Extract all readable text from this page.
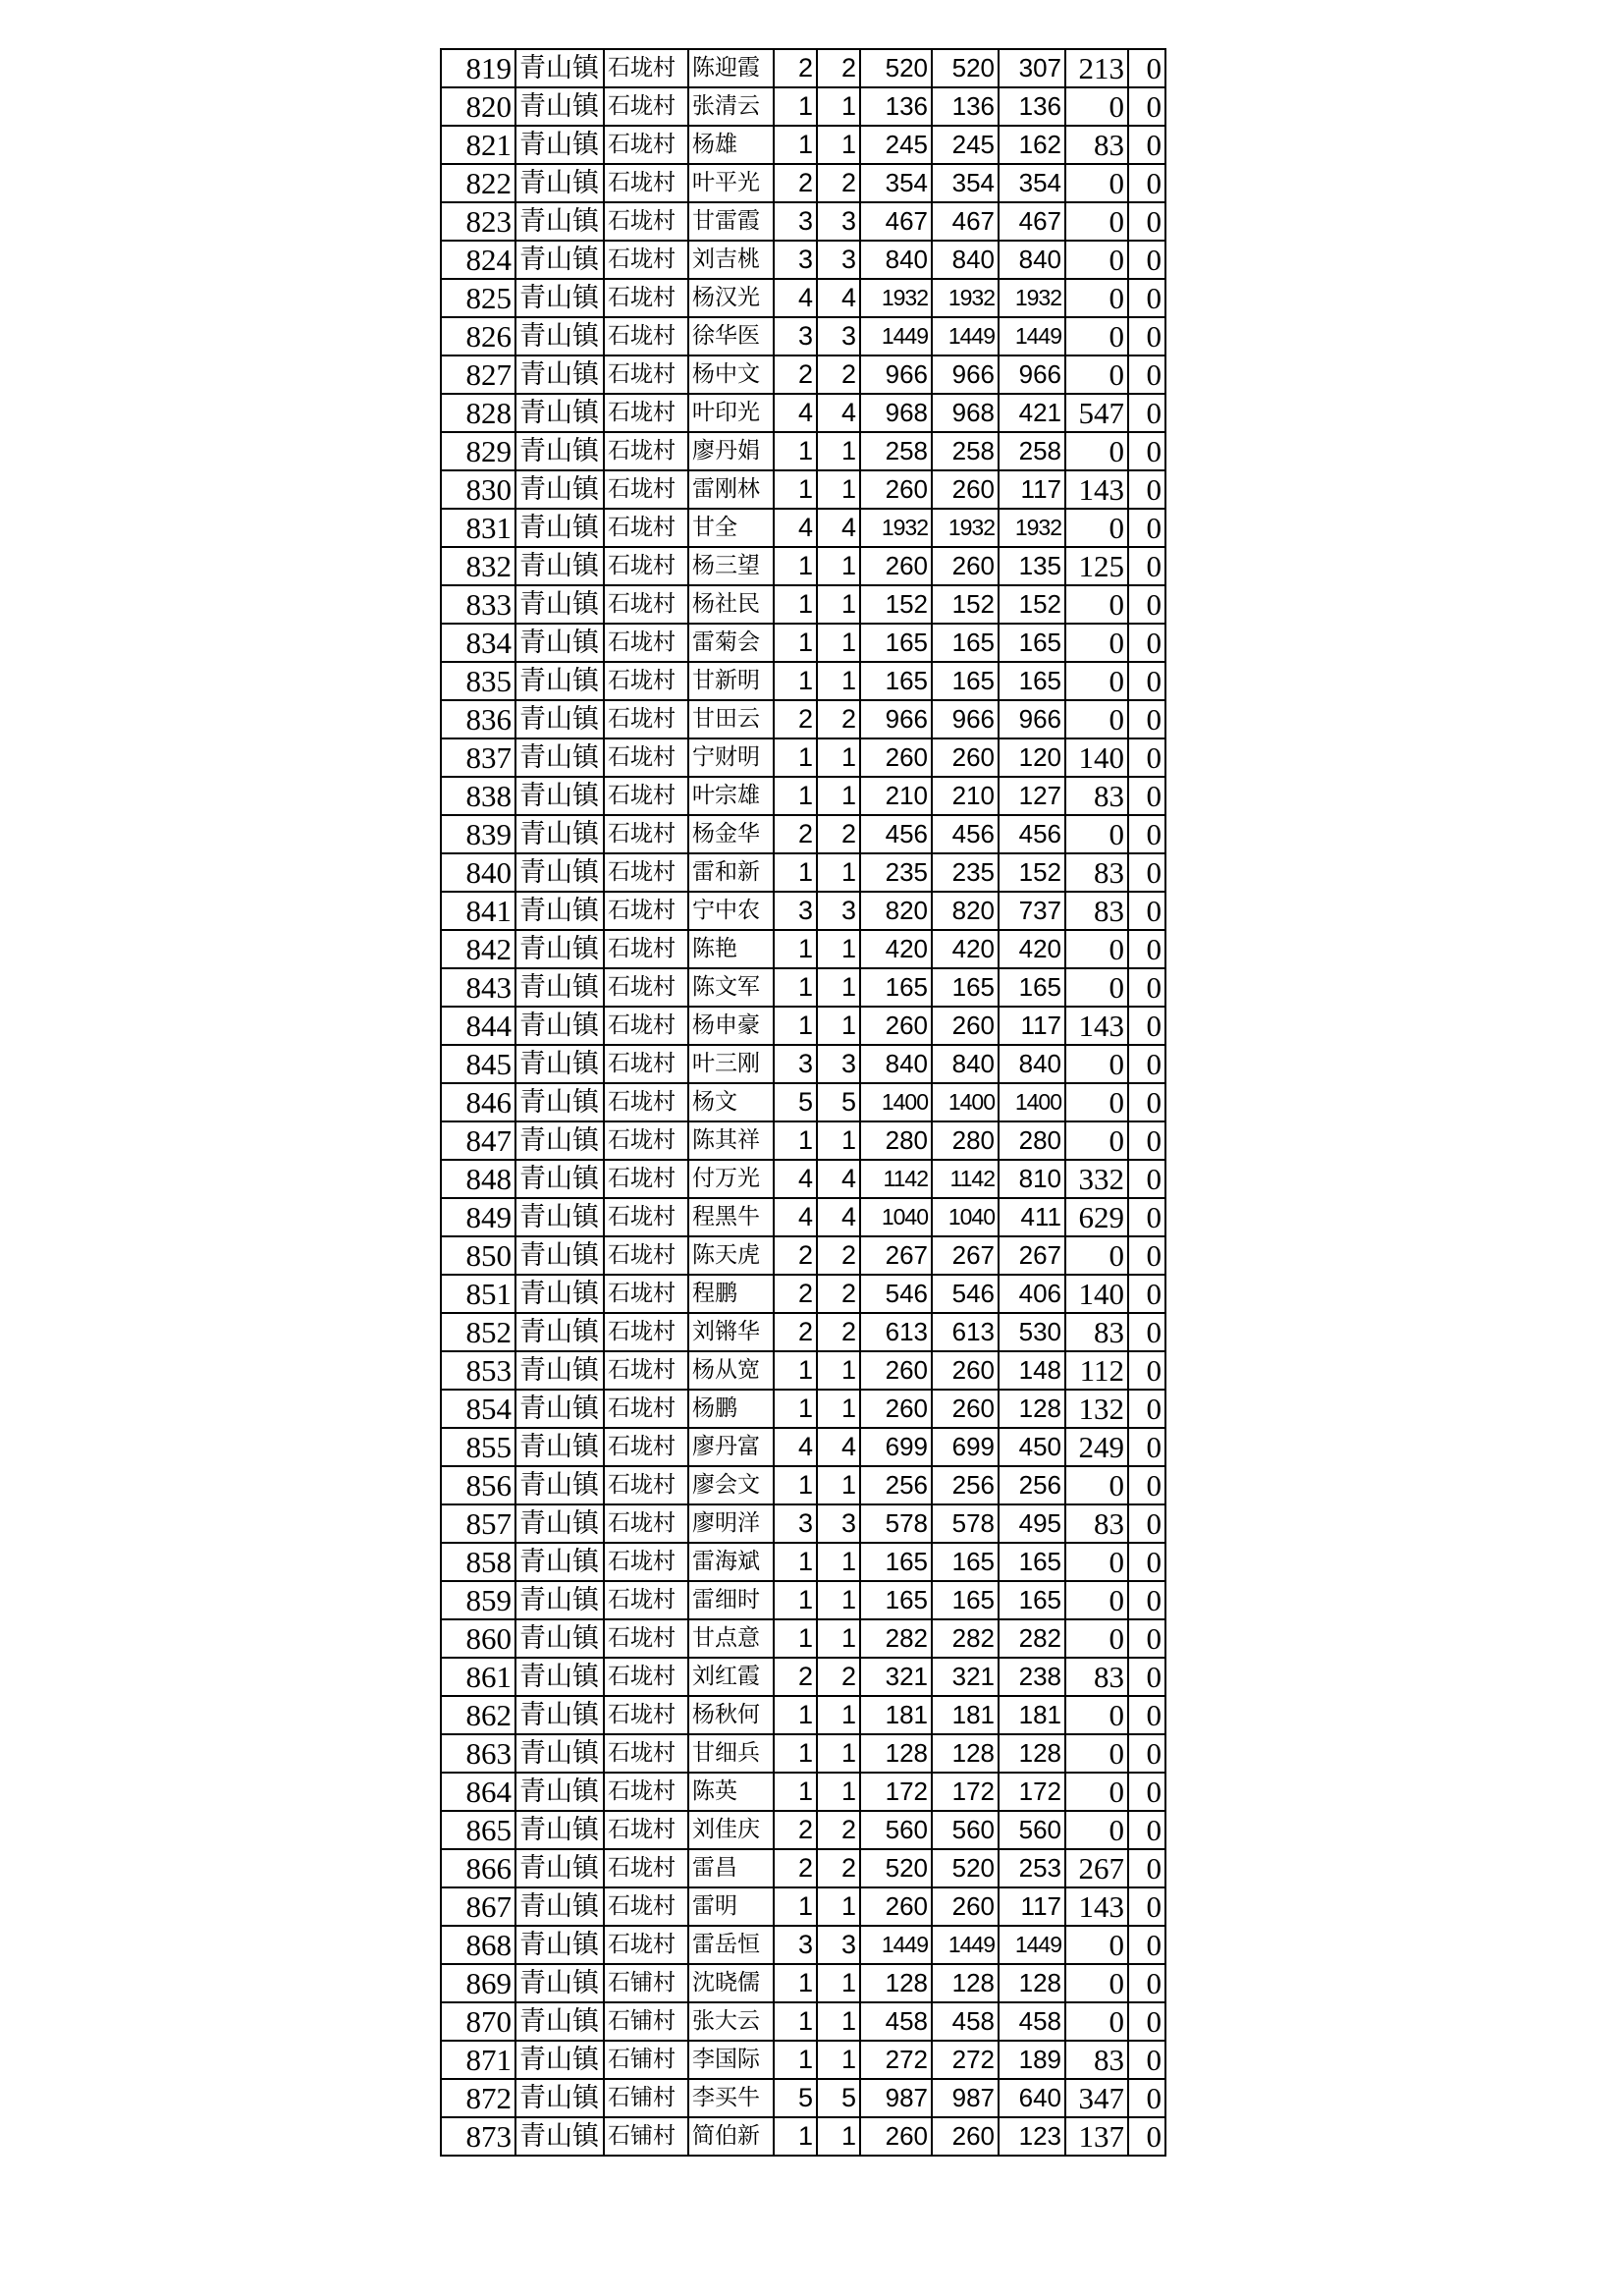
819	青山镇	石垅村	陈迎霞	2	2	520	520	307	213	0
820	青山镇	石垅村	张清云	1	1	136	136	136	0	0
821	青山镇	石垅村	杨雄	1	1	245	245	162	83	0
822	青山镇	石垅村	叶平光	2	2	354	354	354	0	0
823	青山镇	石垅村	甘雷霞	3	3	467	467	467	0	0
824	青山镇	石垅村	刘吉桃	3	3	840	840	840	0	0
825	青山镇	石垅村	杨汉光	4	4	1932	1932	1932	0	0
826	青山镇	石垅村	徐华医	3	3	1449	1449	1449	0	0
827	青山镇	石垅村	杨中文	2	2	966	966	966	0	0
828	青山镇	石垅村	叶印光	4	4	968	968	421	547	0
829	青山镇	石垅村	廖丹娟	1	1	258	258	258	0	0
830	青山镇	石垅村	雷刚林	1	1	260	260	117	143	0
831	青山镇	石垅村	甘全	4	4	1932	1932	1932	0	0
832	青山镇	石垅村	杨三望	1	1	260	260	135	125	0
833	青山镇	石垅村	杨社民	1	1	152	152	152	0	0
834	青山镇	石垅村	雷菊会	1	1	165	165	165	0	0
835	青山镇	石垅村	甘新明	1	1	165	165	165	0	0
836	青山镇	石垅村	甘田云	2	2	966	966	966	0	0
837	青山镇	石垅村	宁财明	1	1	260	260	120	140	0
838	青山镇	石垅村	叶宗雄	1	1	210	210	127	83	0
839	青山镇	石垅村	杨金华	2	2	456	456	456	0	0
840	青山镇	石垅村	雷和新	1	1	235	235	152	83	0
841	青山镇	石垅村	宁中农	3	3	820	820	737	83	0
842	青山镇	石垅村	陈艳	1	1	420	420	420	0	0
843	青山镇	石垅村	陈文军	1	1	165	165	165	0	0
844	青山镇	石垅村	杨申豪	1	1	260	260	117	143	0
845	青山镇	石垅村	叶三刚	3	3	840	840	840	0	0
846	青山镇	石垅村	杨文	5	5	1400	1400	1400	0	0
847	青山镇	石垅村	陈其祥	1	1	280	280	280	0	0
848	青山镇	石垅村	付万光	4	4	1142	1142	810	332	0
849	青山镇	石垅村	程黑牛	4	4	1040	1040	411	629	0
850	青山镇	石垅村	陈天虎	2	2	267	267	267	0	0
851	青山镇	石垅村	程鹏	2	2	546	546	406	140	0
852	青山镇	石垅村	刘锵华	2	2	613	613	530	83	0
853	青山镇	石垅村	杨从宽	1	1	260	260	148	112	0
854	青山镇	石垅村	杨鹏	1	1	260	260	128	132	0
855	青山镇	石垅村	廖丹富	4	4	699	699	450	249	0
856	青山镇	石垅村	廖会文	1	1	256	256	256	0	0
857	青山镇	石垅村	廖明洋	3	3	578	578	495	83	0
858	青山镇	石垅村	雷海斌	1	1	165	165	165	0	0
859	青山镇	石垅村	雷细时	1	1	165	165	165	0	0
860	青山镇	石垅村	甘点意	1	1	282	282	282	0	0
861	青山镇	石垅村	刘红霞	2	2	321	321	238	83	0
862	青山镇	石垅村	杨秋何	1	1	181	181	181	0	0
863	青山镇	石垅村	甘细兵	1	1	128	128	128	0	0
864	青山镇	石垅村	陈英	1	1	172	172	172	0	0
865	青山镇	石垅村	刘佳庆	2	2	560	560	560	0	0
866	青山镇	石垅村	雷昌	2	2	520	520	253	267	0
867	青山镇	石垅村	雷明	1	1	260	260	117	143	0
868	青山镇	石垅村	雷岳恒	3	3	1449	1449	1449	0	0
869	青山镇	石铺村	沈晓儒	1	1	128	128	128	0	0
870	青山镇	石铺村	张大云	1	1	458	458	458	0	0
871	青山镇	石铺村	李国际	1	1	272	272	189	83	0
872	青山镇	石铺村	李买牛	5	5	987	987	640	347	0
873	青山镇	石铺村	简伯新	1	1	260	260	123	137	0
